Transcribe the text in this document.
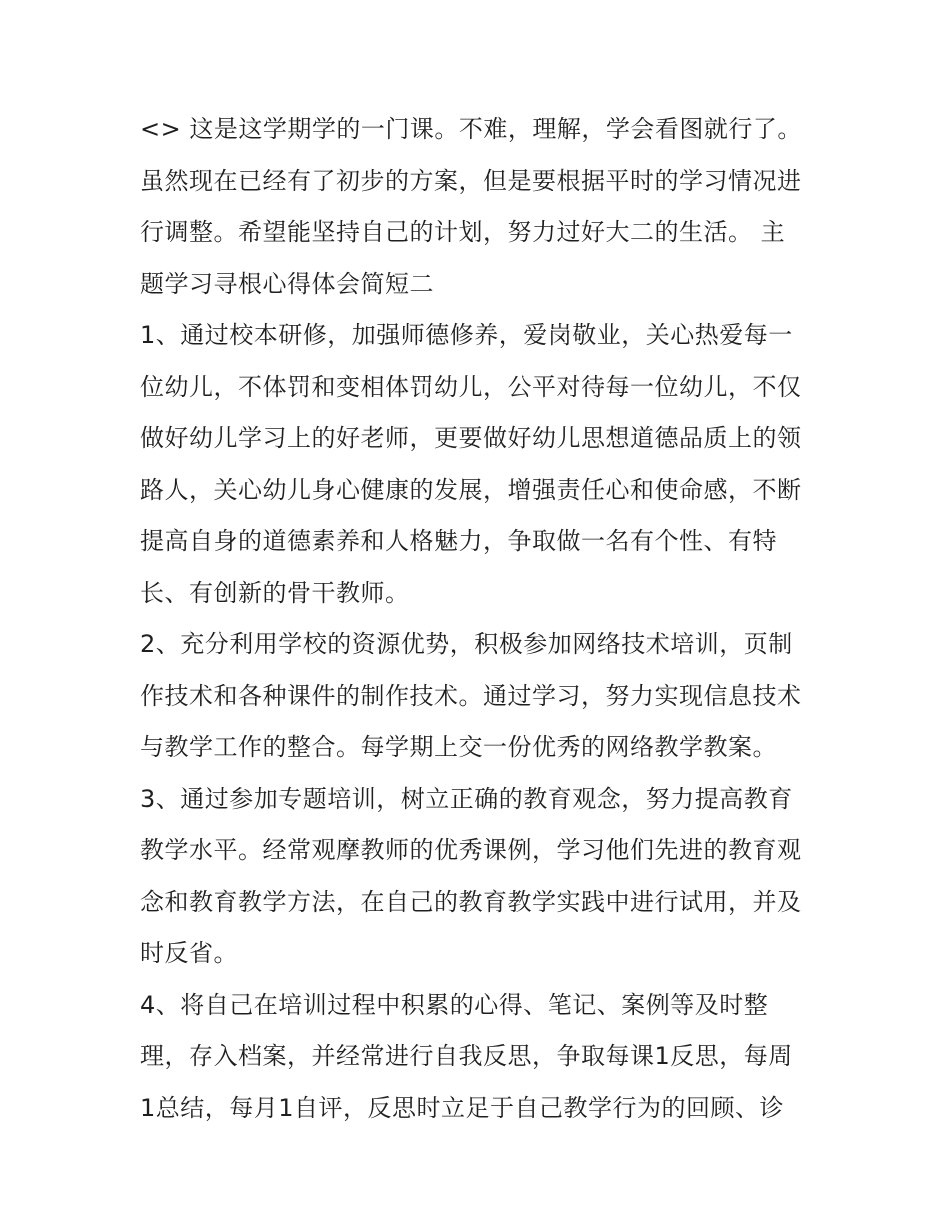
<> 这是这学期学的一门课。不难，理解，学会看图就行了。
虽然现在已经有了初步的方案，但是要根据平时的学习情况进
行调整。希望能坚持自己的计划，努力过好大二的生活。 主
题学习寻根心得体会简短二
1、通过校本研修，加强师德修养，爱岗敬业，关心热爱每一
位幼儿，不体罚和变相体罚幼儿，公平对待每一位幼儿，不仅
做好幼儿学习上的好老师，更要做好幼儿思想道德品质上的领
路人，关心幼儿身心健康的发展，增强责任心和使命感，不断
提高自身的道德素养和人格魅力，争取做一名有个性、有特
长、有创新的骨干教师。
2、充分利用学校的资源优势，积极参加网络技术培训，页制
作技术和各种课件的制作技术。通过学习，努力实现信息技术
与教学工作的整合。每学期上交一份优秀的网络教学教案。
3、通过参加专题培训，树立正确的教育观念，努力提高教育
教学水平。经常观摩教师的优秀课例，学习他们先进的教育观
念和教育教学方法，在自己的教育教学实践中进行试用，并及
时反省。
4、将自己在培训过程中积累的心得、笔记、案例等及时整
理，存入档案，并经常进行自我反思，争取每课1反思，每周
1总结，每月1自评，反思时立足于自己教学行为的回顾、诊
